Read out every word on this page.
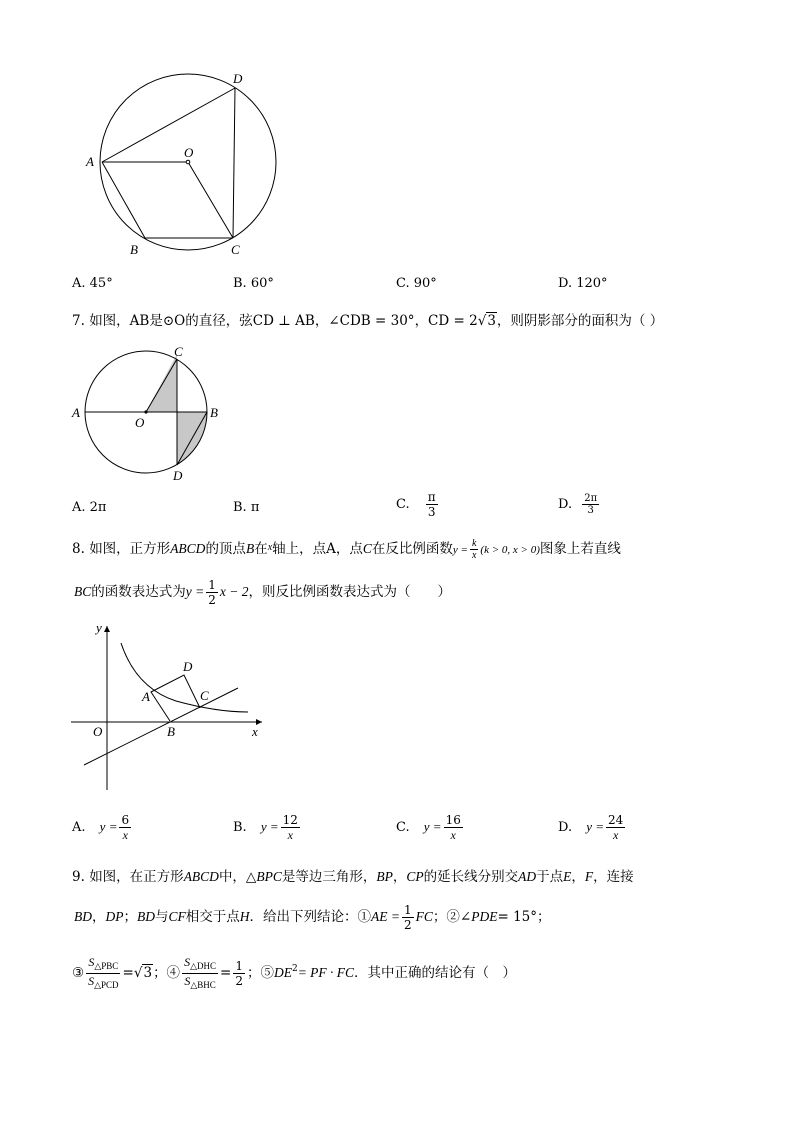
D
A
O
B	C
A. 45°	B. 60°	C. 90°	D. 120°
7. 如图，AB是⊙O的直径，弦CD ⊥ AB，∠CDB = 30°，CD = 2√3，则阴影部分的面积为（ ）
C
A
O
B
D
A. 2π	B. π	C. $\frac{\pi}{3}$	D. $\frac{2\pi}{3}$
8. 如图，正方形ABCD的顶点B在$^x$轴上，点A，点C在反比例函数$y = \frac{k}{x} (k > 0$, x > 0)图象上若直线
BC的函数表达式为$y = \frac{1}{2}$ x − 2，则反比例函数表达式为（　　）
y
x
O
A
B
C
D
A. $y = \frac{6}{x}$	B. $y = \frac{12}{x}$	C. $y = \frac{16}{x}$	D. $y = \frac{24}{x}$
9. 如图，在正方形ABCD中，△BPC是等边三角形，BP，CP的延长线分别交AD于点E，F，连接
BD，DP；BD与CF相交于点H．给出下列结论：①AE = $\frac{1}{2}$ FC；②∠PDE= 15°；
③ $\frac{S_{\triangle PBC}}{S_{\triangle PCD}} =√3$；④ $\frac{S_{\triangle DHC}}{S_{\triangle BHC}} = \frac{1}{2}$ ；$⑤DE^2=$ PF · FC．其中正确的结论有（　）
